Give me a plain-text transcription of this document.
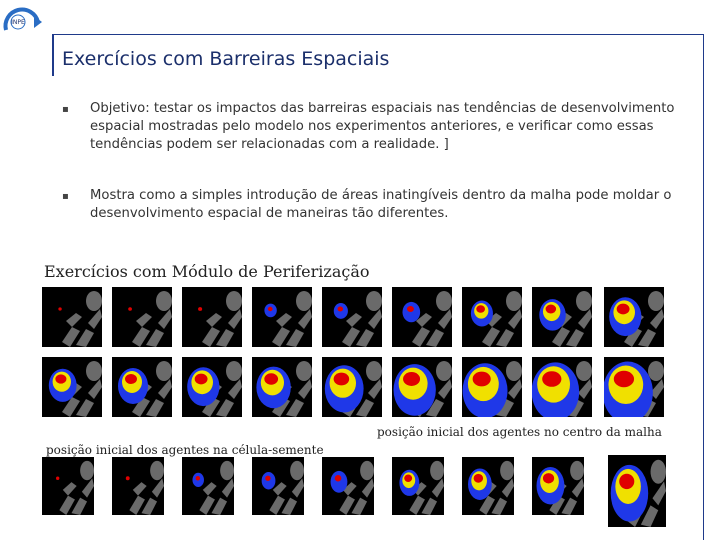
INPE
Exercícios com Barreiras Espaciais
▪ Objetivo: testar os impactos das barreiras espaciais nas tendências de desenvolvimento espacial mostradas pelo modelo nos experimentos anteriores, e verificar como essas tendências podem ser relacionadas com a realidade. ]
▪ Mostra como a simples introdução de áreas inatingíveis dentro da malha pode moldar o desenvolvimento espacial de maneiras tão diferentes.
Exercícios com Módulo de Periferização
posição inicial dos agentes na célula-semente
posição inicial dos agentes no centro da malha
